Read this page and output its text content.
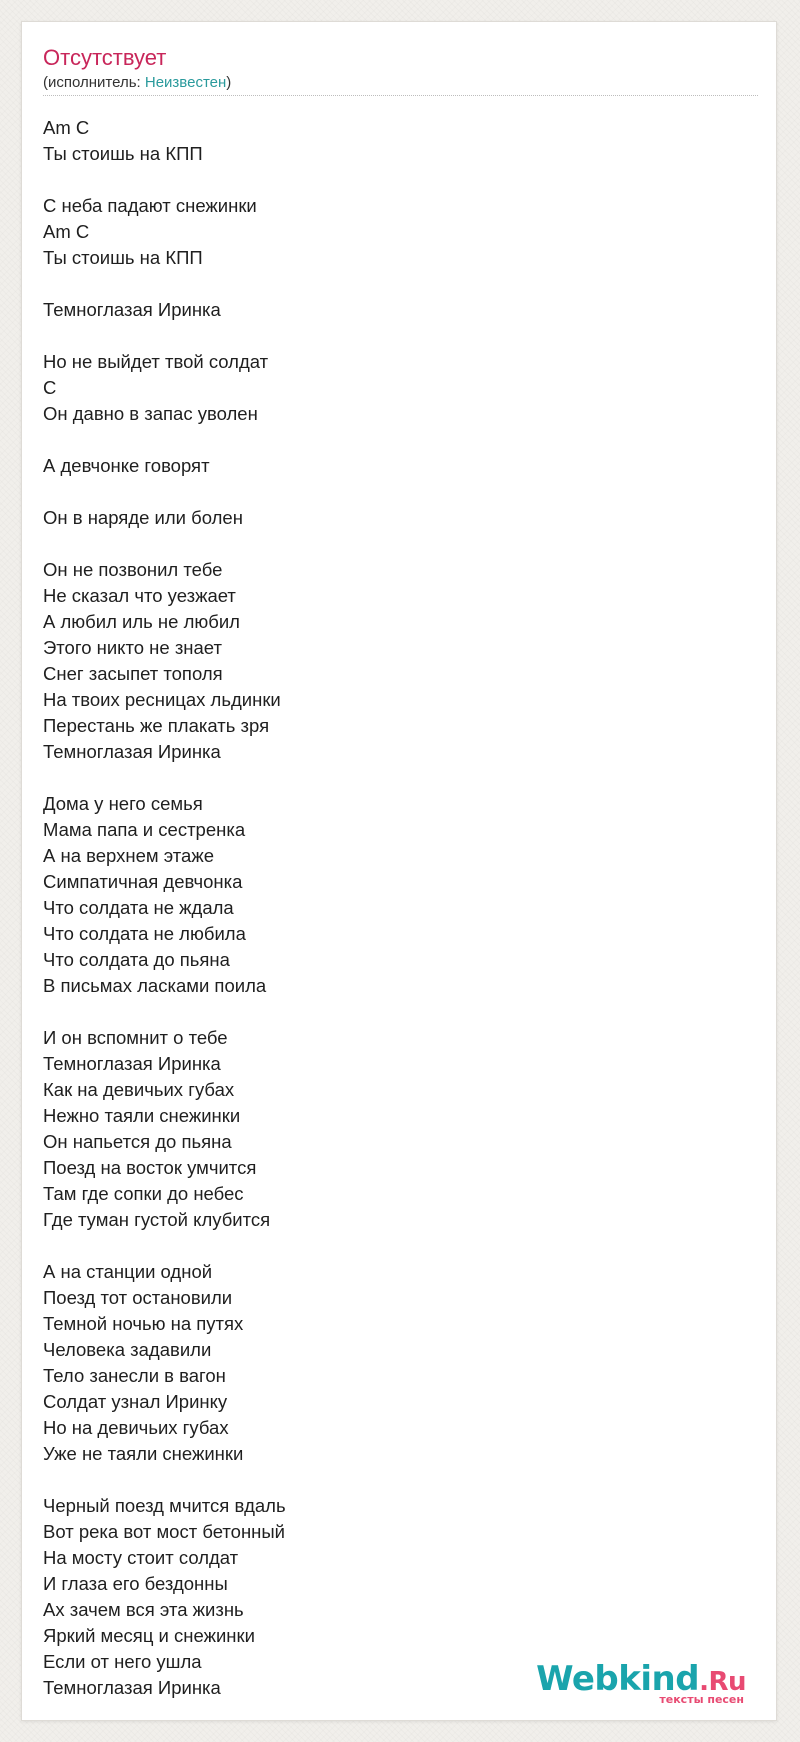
Отсутствует
(исполнитель: Неизвестен)
Am C
Ты стоишь на КПП
С неба падают снежинки
Am C
Ты стоишь на КПП
Темноглазая Иринка
Но не выйдет твой солдат
C
Он давно в запас уволен
А девчонке говорят
Он в наряде или болен
Он не позвонил тебе
Не сказал что уезжает
А любил иль не любил
Этого никто не знает
Снег засыпет тополя
На твоих ресницах льдинки
Перестань же плакать зря
Темноглазая Иринка
Дома у него семья
Мама папа и сестренка
А на верхнем этаже
Симпатичная девчонка
Что солдата не ждала
Что солдата не любила
Что солдата до пьяна
В письмах ласками поила
И он вспомнит о тебе
Темноглазая Иринка
Как на девичьих губах
Нежно таяли снежинки
Он напьется до пьяна
Поезд на восток умчится
Там где сопки до небес
Где туман густой клубится
А на станции одной
Поезд тот остановили
Темной ночью на путях
Человека задавили
Тело занесли в вагон
Солдат узнал Иринку
Но на девичьих губах
Уже не таяли снежинки
Черный поезд мчится вдаль
Вот река вот мост бетонный
На мосту стоит солдат
И глаза его бездонны
Ах зачем вся эта жизнь
Яркий месяц и снежинки
Если от него ушла
Темноглазая Иринка	Webkind.Ru
тексты песен
